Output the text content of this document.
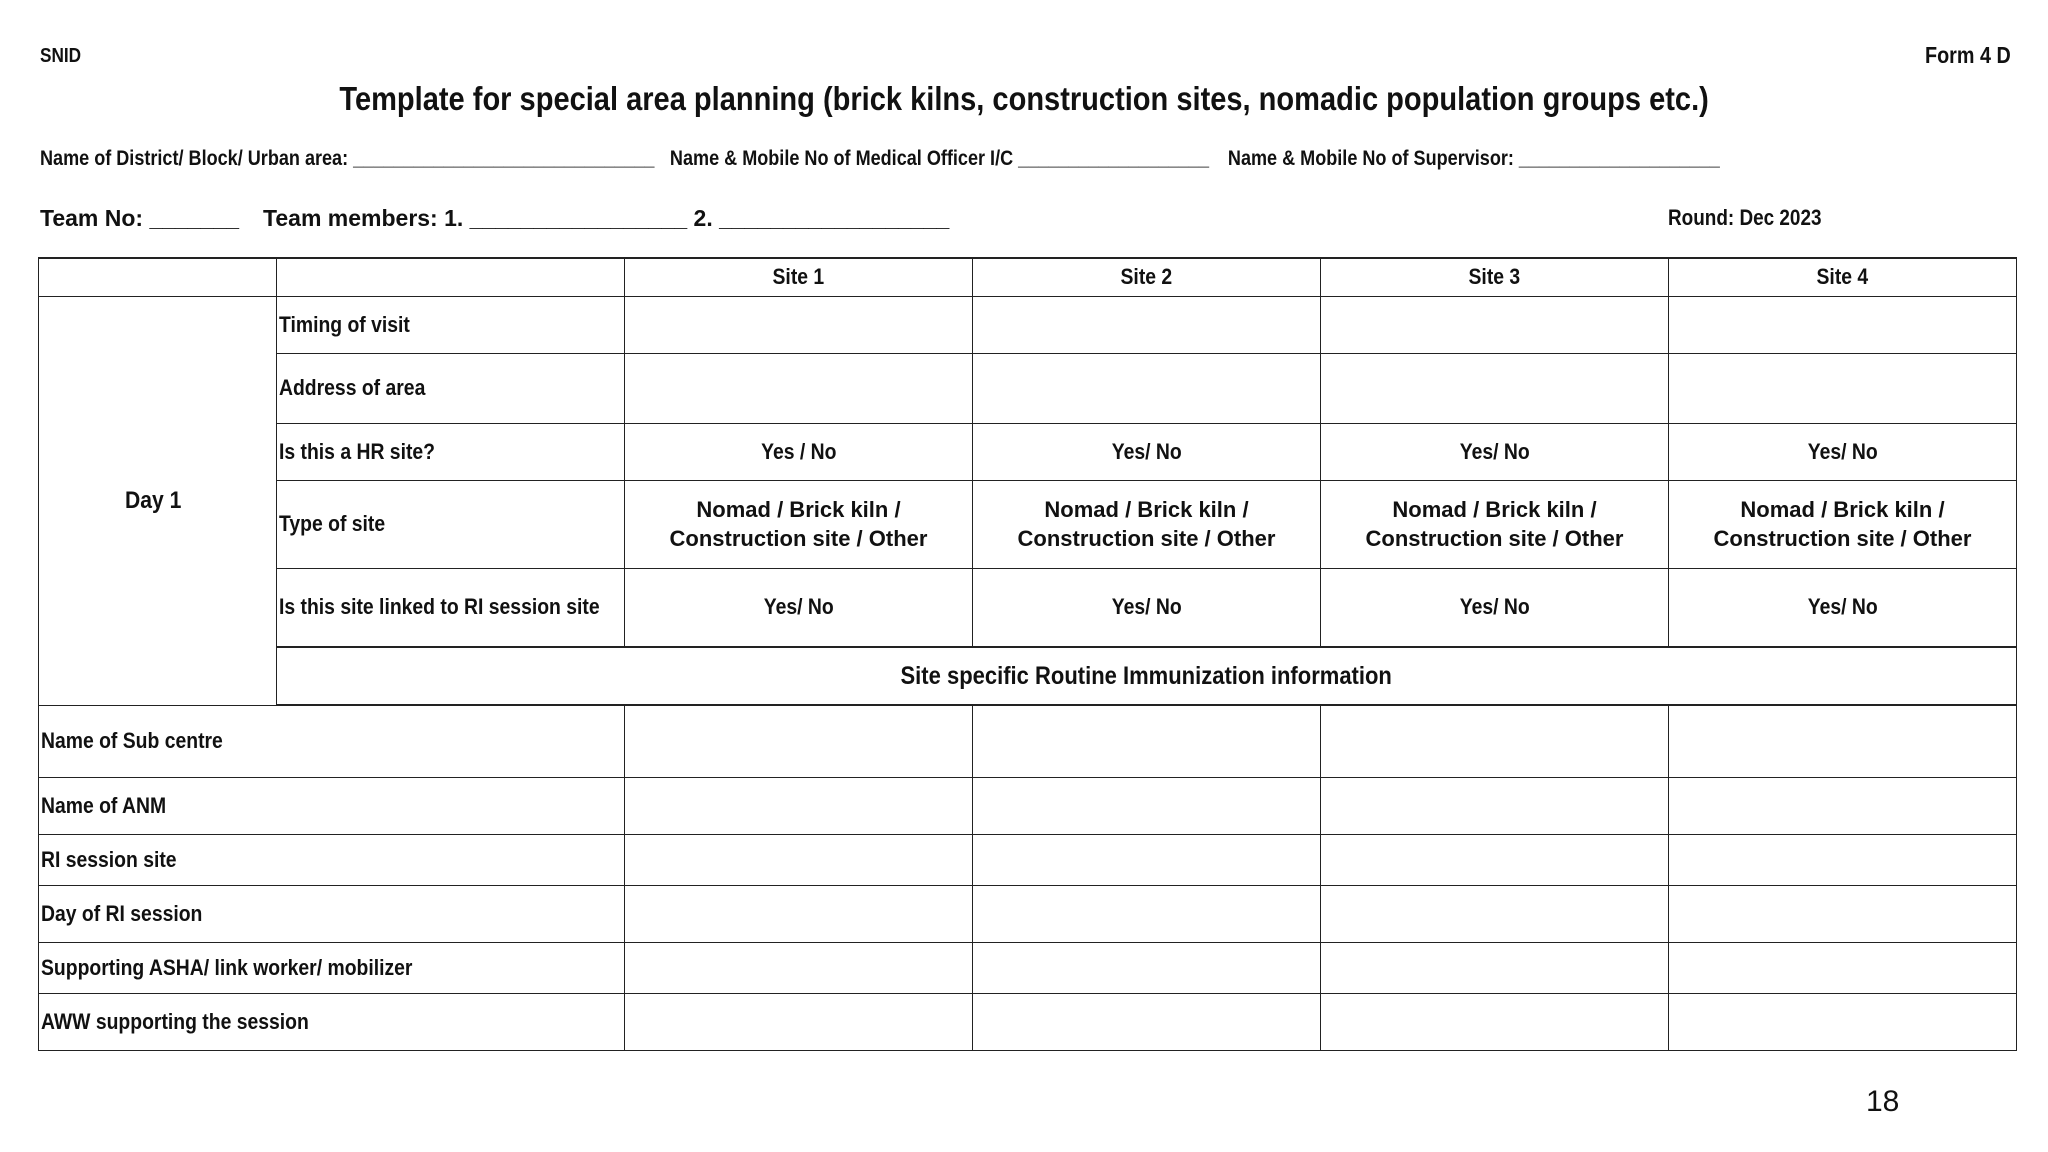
SNID	Form 4 D
Template for special area planning (brick kilns, construction sites, nomadic population groups etc.)
Name of District/ Block/ Urban area: ______________________________ Name & Mobile No of Medical Officer I/C ___________________ Name & Mobile No of Supervisor: ____________________
Team No: _______ Team members: 1. _________________ 2. __________________	Round: Dec 2023
		Site 1	Site 2	Site 3	Site 4
Day 1	Timing of visit				
	Address of area				
	Is this a HR site?	Yes / No	Yes/ No	Yes/ No	Yes/ No
	Type of site	Nomad / Brick kiln / Construction site / Other	Nomad / Brick kiln / Construction site / Other	Nomad / Brick kiln / Construction site / Other	Nomad / Brick kiln / Construction site / Other

	Is this site linked to RI session site	Yes/ No	Yes/ No	Yes/ No	Yes/ No
	Site specific Routine Immunization information				
Name of Sub centre					
Name of ANM					
RI session site					
Day of RI session					
Supporting ASHA/ link worker/ mobilizer					
AWW supporting the session					
18
